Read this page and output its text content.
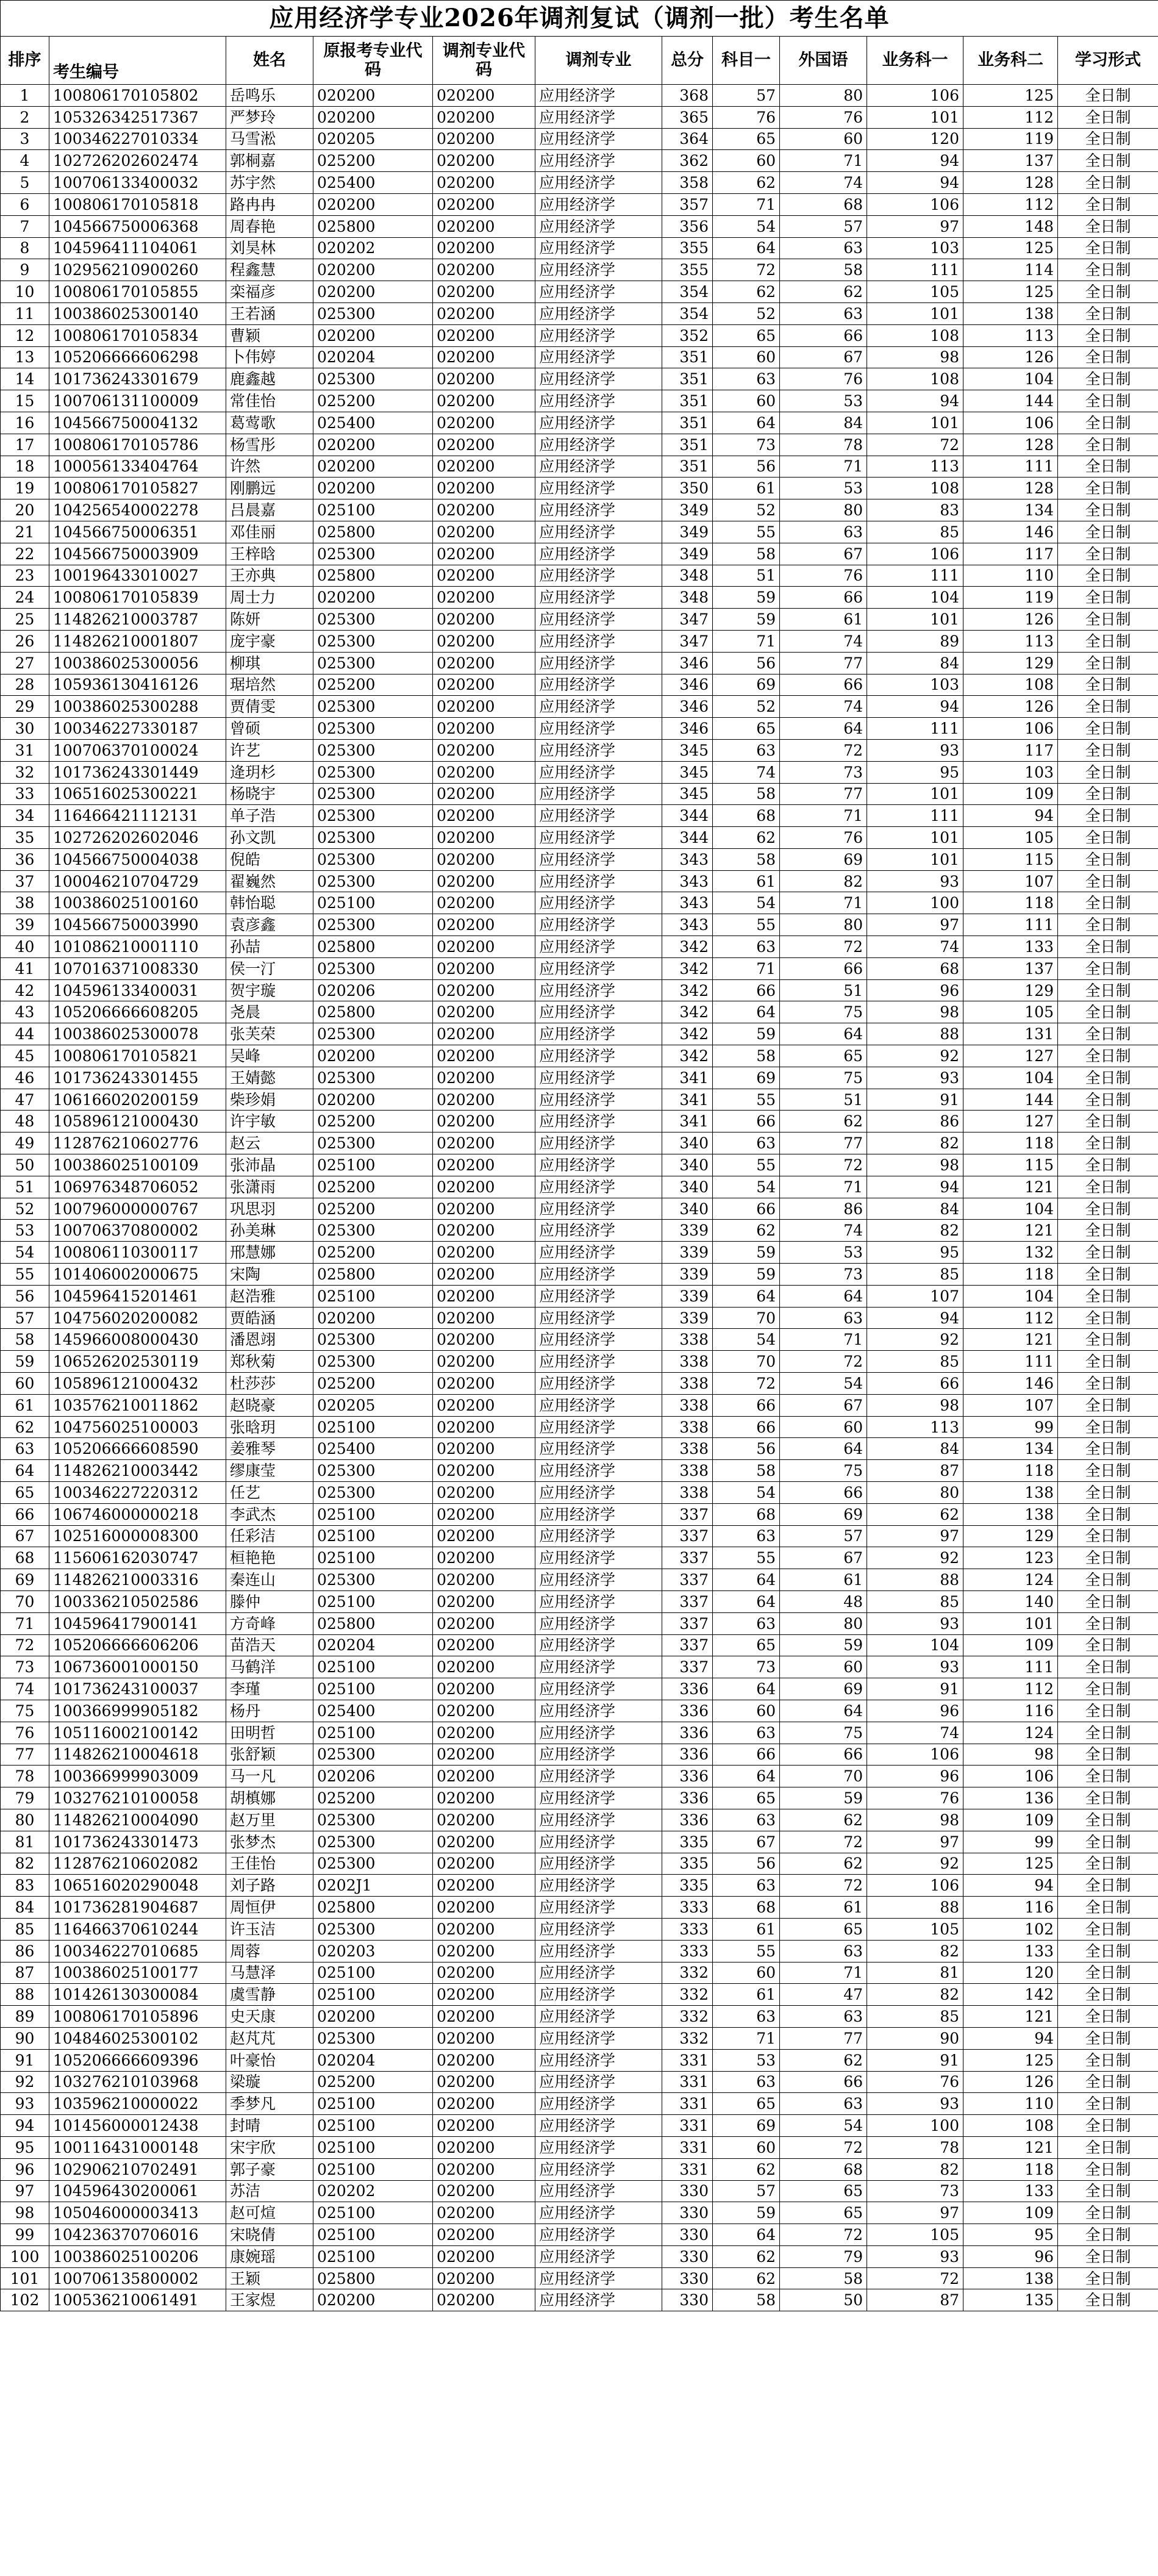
应用经济学专业2026年调剂复试（调剂一批）考生名单											
排序	考生编号	姓名	原报考专业代码	调剂专业代码	调剂专业	总分	科目一	外国语	业务科一	业务科二	学习形式
1	100806170105802	岳鸣乐	020200	020200	应用经济学	368	57	80	106	125	全日制
2	105326342517367	严梦玲	020200	020200	应用经济学	365	76	76	101	112	全日制
3	100346227010334	马雪淞	020205	020200	应用经济学	364	65	60	120	119	全日制
4	102726202602474	郭桐嘉	025200	020200	应用经济学	362	60	71	94	137	全日制
5	100706133400032	苏宇然	025400	020200	应用经济学	358	62	74	94	128	全日制
6	100806170105818	路冉冉	020200	020200	应用经济学	357	71	68	106	112	全日制
7	104566750006368	周春艳	025800	020200	应用经济学	356	54	57	97	148	全日制
8	104596411104061	刘昊林	020202	020200	应用经济学	355	64	63	103	125	全日制
9	102956210900260	程鑫慧	020200	020200	应用经济学	355	72	58	111	114	全日制
10	100806170105855	栾福彦	020200	020200	应用经济学	354	62	62	105	125	全日制
11	100386025300140	王若涵	025300	020200	应用经济学	354	52	63	101	138	全日制
12	100806170105834	曹颖	020200	020200	应用经济学	352	65	66	108	113	全日制
13	105206666606298	卜伟婷	020204	020200	应用经济学	351	60	67	98	126	全日制
14	101736243301679	鹿鑫越	025300	020200	应用经济学	351	63	76	108	104	全日制
15	100706131100009	常佳怡	025200	020200	应用经济学	351	60	53	94	144	全日制
16	104566750004132	葛莺歌	025400	020200	应用经济学	351	64	84	101	106	全日制
17	100806170105786	杨雪彤	020200	020200	应用经济学	351	73	78	72	128	全日制
18	100056133404764	许然	020200	020200	应用经济学	351	56	71	113	111	全日制
19	100806170105827	刚鹏远	020200	020200	应用经济学	350	61	53	108	128	全日制
20	104256540002278	吕晨嘉	025100	020200	应用经济学	349	52	80	83	134	全日制
21	104566750006351	邓佳丽	025800	020200	应用经济学	349	55	63	85	146	全日制
22	104566750003909	王梓晗	025300	020200	应用经济学	349	58	67	106	117	全日制
23	100196433010027	王亦典	025800	020200	应用经济学	348	51	76	111	110	全日制
24	100806170105839	周士力	020200	020200	应用经济学	348	59	66	104	119	全日制
25	114826210003787	陈妍	025300	020200	应用经济学	347	59	61	101	126	全日制
26	114826210001807	庞宇豪	025300	020200	应用经济学	347	71	74	89	113	全日制
27	100386025300056	柳琪	025300	020200	应用经济学	346	56	77	84	129	全日制
28	105936130416126	琚培然	025200	020200	应用经济学	346	69	66	103	108	全日制
29	100386025300288	贾倩雯	025300	020200	应用经济学	346	52	74	94	126	全日制
30	100346227330187	曾硕	025300	020200	应用经济学	346	65	64	111	106	全日制
31	100706370100024	许艺	025300	020200	应用经济学	345	63	72	93	117	全日制
32	101736243301449	逄玥杉	025300	020200	应用经济学	345	74	73	95	103	全日制
33	106516025300221	杨晓宇	025300	020200	应用经济学	345	58	77	101	109	全日制
34	116466421112131	单子浩	025300	020200	应用经济学	344	68	71	111	94	全日制
35	102726202602046	孙文凯	025300	020200	应用经济学	344	62	76	101	105	全日制
36	104566750004038	倪皓	025300	020200	应用经济学	343	58	69	101	115	全日制
37	100046210704729	翟巍然	025300	020200	应用经济学	343	61	82	93	107	全日制
38	100386025100160	韩怡聪	025100	020200	应用经济学	343	54	71	100	118	全日制
39	104566750003990	袁彦鑫	025300	020200	应用经济学	343	55	80	97	111	全日制
40	101086210001110	孙喆	025800	020200	应用经济学	342	63	72	74	133	全日制
41	107016371008330	侯一汀	025300	020200	应用经济学	342	71	66	68	137	全日制
42	104596133400031	贺宇璇	020206	020200	应用经济学	342	66	51	96	129	全日制
43	105206666608205	尧晨	025800	020200	应用经济学	342	64	75	98	105	全日制
44	100386025300078	张芙荣	025300	020200	应用经济学	342	59	64	88	131	全日制
45	100806170105821	吴峰	020200	020200	应用经济学	342	58	65	92	127	全日制
46	101736243301455	王婧懿	025300	020200	应用经济学	341	69	75	93	104	全日制
47	106166020200159	柴珍娟	020200	020200	应用经济学	341	55	51	91	144	全日制
48	105896121000430	许宇敏	025200	020200	应用经济学	341	66	62	86	127	全日制
49	112876210602776	赵云	025300	020200	应用经济学	340	63	77	82	118	全日制
50	100386025100109	张沛晶	025100	020200	应用经济学	340	55	72	98	115	全日制
51	106976348706052	张潇雨	025200	020200	应用经济学	340	54	71	94	121	全日制
52	100796000000767	巩思羽	025200	020200	应用经济学	340	66	86	84	104	全日制
53	100706370800002	孙美琳	025300	020200	应用经济学	339	62	74	82	121	全日制
54	100806110300117	邢慧娜	025200	020200	应用经济学	339	59	53	95	132	全日制
55	101406002000675	宋陶	025800	020200	应用经济学	339	59	73	85	118	全日制
56	104596415201461	赵浩雅	025100	020200	应用经济学	339	64	64	107	104	全日制
57	104756020200082	贾皓涵	020200	020200	应用经济学	339	70	63	94	112	全日制
58	145966008000430	潘恩翊	025300	020200	应用经济学	338	54	71	92	121	全日制
59	106526202530119	郑秋菊	025300	020200	应用经济学	338	70	72	85	111	全日制
60	105896121000432	杜莎莎	025200	020200	应用经济学	338	72	54	66	146	全日制
61	103576210011862	赵晓豪	020205	020200	应用经济学	338	66	67	98	107	全日制
62	104756025100003	张晗玥	025100	020200	应用经济学	338	66	60	113	99	全日制
63	105206666608590	姜雅琴	025400	020200	应用经济学	338	56	64	84	134	全日制
64	114826210003442	缪康莹	025300	020200	应用经济学	338	58	75	87	118	全日制
65	100346227220312	任艺	025300	020200	应用经济学	338	54	66	80	138	全日制
66	106746000000218	李武杰	025100	020200	应用经济学	337	68	69	62	138	全日制
67	102516000008300	任彩洁	025100	020200	应用经济学	337	63	57	97	129	全日制
68	115606162030747	桓艳艳	025100	020200	应用经济学	337	55	67	92	123	全日制
69	114826210003316	秦连山	025300	020200	应用经济学	337	64	61	88	124	全日制
70	100336210502586	滕仲	025100	020200	应用经济学	337	64	48	85	140	全日制
71	104596417900141	方奇峰	025800	020200	应用经济学	337	63	80	93	101	全日制
72	105206666606206	苗浩天	020204	020200	应用经济学	337	65	59	104	109	全日制
73	106736001000150	马鹤洋	025100	020200	应用经济学	337	73	60	93	111	全日制
74	101736243100037	李瑾	025100	020200	应用经济学	336	64	69	91	112	全日制
75	100366999905182	杨丹	025400	020200	应用经济学	336	60	64	96	116	全日制
76	105116002100142	田明哲	025100	020200	应用经济学	336	63	75	74	124	全日制
77	114826210004618	张舒颖	025300	020200	应用经济学	336	66	66	106	98	全日制
78	100366999903009	马一凡	020206	020200	应用经济学	336	64	70	96	106	全日制
79	103276210100058	胡槙娜	025200	020200	应用经济学	336	65	59	76	136	全日制
80	114826210004090	赵万里	025300	020200	应用经济学	336	63	62	98	109	全日制
81	101736243301473	张梦杰	025300	020200	应用经济学	335	67	72	97	99	全日制
82	112876210602082	王佳怡	025300	020200	应用经济学	335	56	62	92	125	全日制
83	106516020290048	刘子路	0202J1	020200	应用经济学	335	63	72	106	94	全日制
84	101736281904687	周恒伊	025800	020200	应用经济学	333	68	61	88	116	全日制
85	116466370610244	许玉洁	025300	020200	应用经济学	333	61	65	105	102	全日制
86	100346227010685	周蓉	020203	020200	应用经济学	333	55	63	82	133	全日制
87	100386025100177	马慧泽	025100	020200	应用经济学	332	60	71	81	120	全日制
88	101426130300084	虞雪静	025100	020200	应用经济学	332	61	47	82	142	全日制
89	100806170105896	史天康	020200	020200	应用经济学	332	63	63	85	121	全日制
90	104846025300102	赵芃芃	025300	020200	应用经济学	332	71	77	90	94	全日制
91	105206666609396	叶豪怡	020204	020200	应用经济学	331	53	62	91	125	全日制
92	103276210103968	梁璇	025200	020200	应用经济学	331	63	66	76	126	全日制
93	103596210000022	季梦凡	025100	020200	应用经济学	331	65	63	93	110	全日制
94	101456000012438	封晴	025100	020200	应用经济学	331	69	54	100	108	全日制
95	100116431000148	宋宇欣	025100	020200	应用经济学	331	60	72	78	121	全日制
96	102906210702491	郭子豪	025100	020200	应用经济学	331	62	68	82	118	全日制
97	104596430200061	苏洁	020202	020200	应用经济学	330	57	65	73	133	全日制
98	105046000003413	赵可煊	025100	020200	应用经济学	330	59	65	97	109	全日制
99	104236370706016	宋晓倩	025100	020200	应用经济学	330	64	72	105	95	全日制
100	100386025100206	康婉瑶	025100	020200	应用经济学	330	62	79	93	96	全日制
101	100706135800002	王颖	025800	020200	应用经济学	330	62	58	72	138	全日制
102	100536210061491	王家煜	020200	020200	应用经济学	330	58	50	87	135	全日制
